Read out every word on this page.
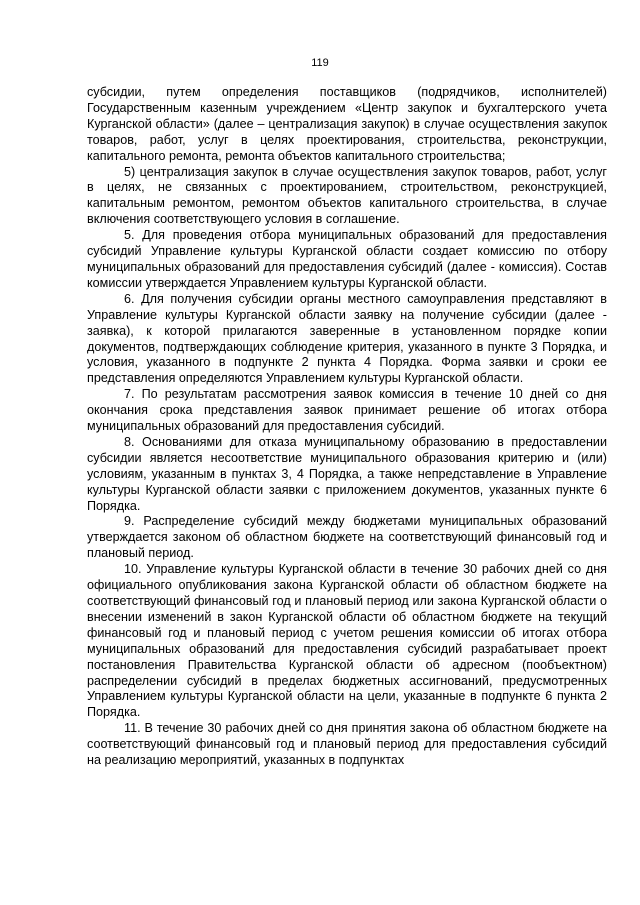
119

субсидии, путем определения поставщиков (подрядчиков, исполнителей) Государственным казенным учреждением «Центр закупок и бухгалтерского учета Курганской области» (далее – централизация закупок) в случае осуществления закупок товаров, работ, услуг в целях проектирования, строительства, реконструкции, капитального ремонта, ремонта объектов капитального строительства;

5) централизация закупок в случае осуществления закупок товаров, работ, услуг в целях, не связанных с проектированием, строительством, реконструкцией, капитальным ремонтом, ремонтом объектов капитального строительства, в случае включения соответствующего условия в соглашение.

5. Для проведения отбора муниципальных образований для предоставления субсидий Управление культуры Курганской области создает комиссию по отбору муниципальных образований для предоставления субсидий (далее - комиссия). Состав комиссии утверждается Управлением культуры Курганской области.

6. Для получения субсидии органы местного самоуправления представляют в Управление культуры Курганской области заявку на получение субсидии (далее - заявка), к которой прилагаются заверенные в установленном порядке копии документов, подтверждающих соблюдение критерия, указанного в пункте 3 Порядка, и условия, указанного в подпункте 2 пункта 4 Порядка. Форма заявки и сроки ее представления определяются Управлением культуры Курганской области.

7. По результатам рассмотрения заявок комиссия в течение 10 дней со дня окончания срока представления заявок принимает решение об итогах отбора муниципальных образований для предоставления субсидий.

8. Основаниями для отказа муниципальному образованию в предоставлении субсидии является несоответствие муниципального образования критерию и (или) условиям, указанным в пунктах 3, 4 Порядка, а также непредставление в Управление культуры Курганской области заявки с приложением документов, указанных пункте 6 Порядка.

9. Распределение субсидий между бюджетами муниципальных образований утверждается законом об областном бюджете на соответствующий финансовый год и плановый период.

10. Управление культуры Курганской области в течение 30 рабочих дней со дня официального опубликования закона Курганской области об областном бюджете на соответствующий финансовый год и плановый период или закона Курганской области о внесении изменений в закон Курганской области об областном бюджете на текущий финансовый год и плановый период с учетом решения комиссии об итогах отбора муниципальных образований для предоставления субсидий разрабатывает проект постановления Правительства Курганской области об адресном (пообъектном) распределении субсидий в пределах бюджетных ассигнований, предусмотренных Управлением культуры Курганской области на цели, указанные в подпункте 6 пункта 2 Порядка.

11. В течение 30 рабочих дней со дня принятия закона об областном бюджете на соответствующий финансовый год и плановый период для предоставления субсидий на реализацию мероприятий, указанных в подпунктах
